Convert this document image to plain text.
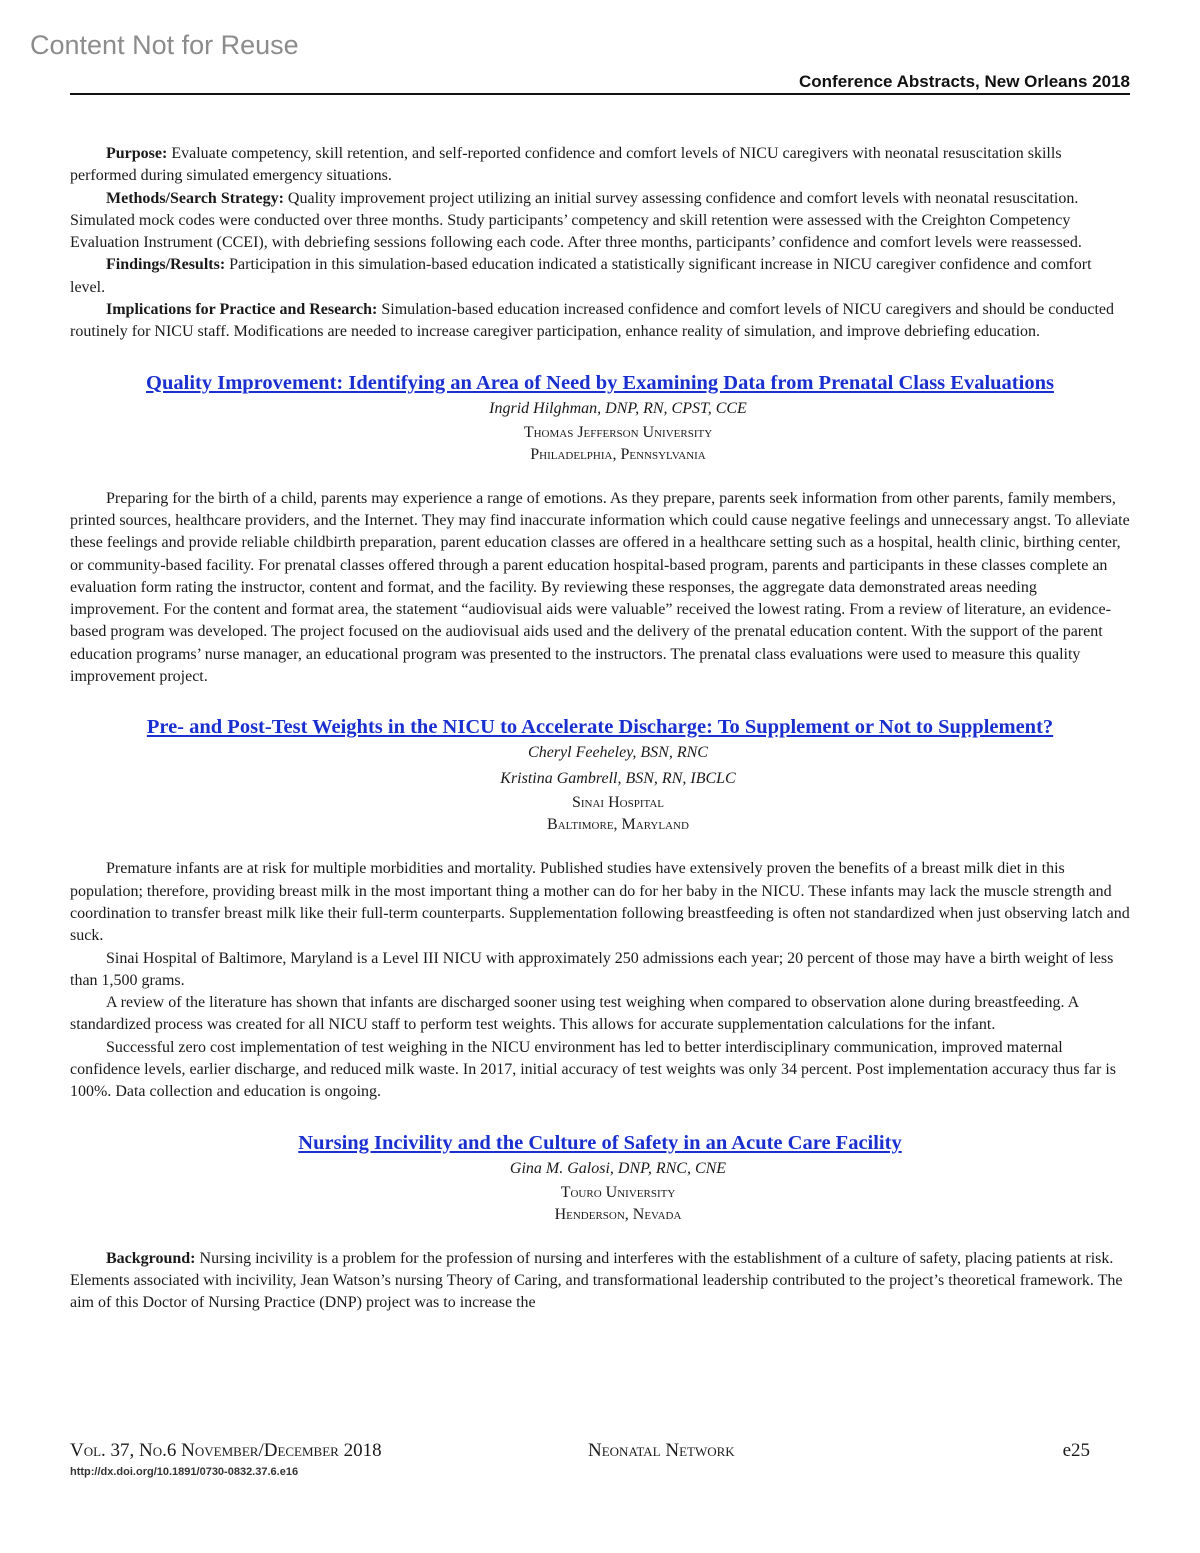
Content Not for Reuse
Conference Abstracts, New Orleans 2018

Purpose: Evaluate competency, skill retention, and self-reported confidence and comfort levels of NICU caregivers with neonatal resuscitation skills performed during simulated emergency situations.

Methods/Search Strategy: Quality improvement project utilizing an initial survey assessing confidence and comfort levels with neonatal resuscitation. Simulated mock codes were conducted over three months. Study participants’ competency and skill retention were assessed with the Creighton Competency Evaluation Instrument (CCEI), with debriefing sessions following each code. After three months, participants’ confidence and comfort levels were reassessed.

Findings/Results: Participation in this simulation-based education indicated a statistically significant increase in NICU caregiver confidence and comfort level.

Implications for Practice and Research: Simulation-based education increased confidence and comfort levels of NICU caregivers and should be conducted routinely for NICU staff. Modifications are needed to increase caregiver participation, enhance reality of simulation, and improve debriefing education.

Quality Improvement: Identifying an Area of Need by Examining Data from Prenatal Class Evaluations

Ingrid Hilghman, DNP, RN, CPST, CCE

Thomas Jefferson University

Philadelphia, Pennsylvania

Preparing for the birth of a child, parents may experience a range of emotions. As they prepare, parents seek information from other parents, family members, printed sources, healthcare providers, and the Internet. They may find inaccurate information which could cause negative feelings and unnecessary angst. To alleviate these feelings and provide reliable childbirth preparation, parent education classes are offered in a healthcare setting such as a hospital, health clinic, birthing center, or community-based facility. For prenatal classes offered through a parent education hospital-based program, parents and participants in these classes complete an evaluation form rating the instructor, content and format, and the facility. By reviewing these responses, the aggregate data demonstrated areas needing improvement. For the content and format area, the statement “audiovisual aids were valuable” received the lowest rating. From a review of literature, an evidence-based program was developed. The project focused on the audiovisual aids used and the delivery of the prenatal education content. With the support of the parent education programs’ nurse manager, an educational program was presented to the instructors. The prenatal class evaluations were used to measure this quality improvement project.

Pre- and Post-Test Weights in the NICU to Accelerate Discharge: To Supplement or Not to Supplement?

Cheryl Feeheley, BSN, RNC

Kristina Gambrell, BSN, RN, IBCLC

Sinai Hospital

Baltimore, Maryland

Premature infants are at risk for multiple morbidities and mortality. Published studies have extensively proven the benefits of a breast milk diet in this population; therefore, providing breast milk in the most important thing a mother can do for her baby in the NICU. These infants may lack the muscle strength and coordination to transfer breast milk like their full-term counterparts. Supplementation following breastfeeding is often not standardized when just observing latch and suck.

Sinai Hospital of Baltimore, Maryland is a Level III NICU with approximately 250 admissions each year; 20 percent of those may have a birth weight of less than 1,500 grams.

A review of the literature has shown that infants are discharged sooner using test weighing when compared to observation alone during breastfeeding. A standardized process was created for all NICU staff to perform test weights. This allows for accurate supplementation calculations for the infant.

Successful zero cost implementation of test weighing in the NICU environment has led to better interdisciplinary communication, improved maternal confidence levels, earlier discharge, and reduced milk waste. In 2017, initial accuracy of test weights was only 34 percent. Post implementation accuracy thus far is 100%. Data collection and education is ongoing.

Nursing Incivility and the Culture of Safety in an Acute Care Facility

Gina M. Galosi, DNP, RNC, CNE

Touro University

Henderson, Nevada

Background: Nursing incivility is a problem for the profession of nursing and interferes with the establishment of a culture of safety, placing patients at risk. Elements associated with incivility, Jean Watson’s nursing Theory of Caring, and transformational leadership contributed to the project’s theoretical framework. The aim of this Doctor of Nursing Practice (DNP) project was to increase the

Vol. 37, No.6 November/December 2018	Neonatal Network	e25
http://dx.doi.org/10.1891/0730-0832.37.6.e16
